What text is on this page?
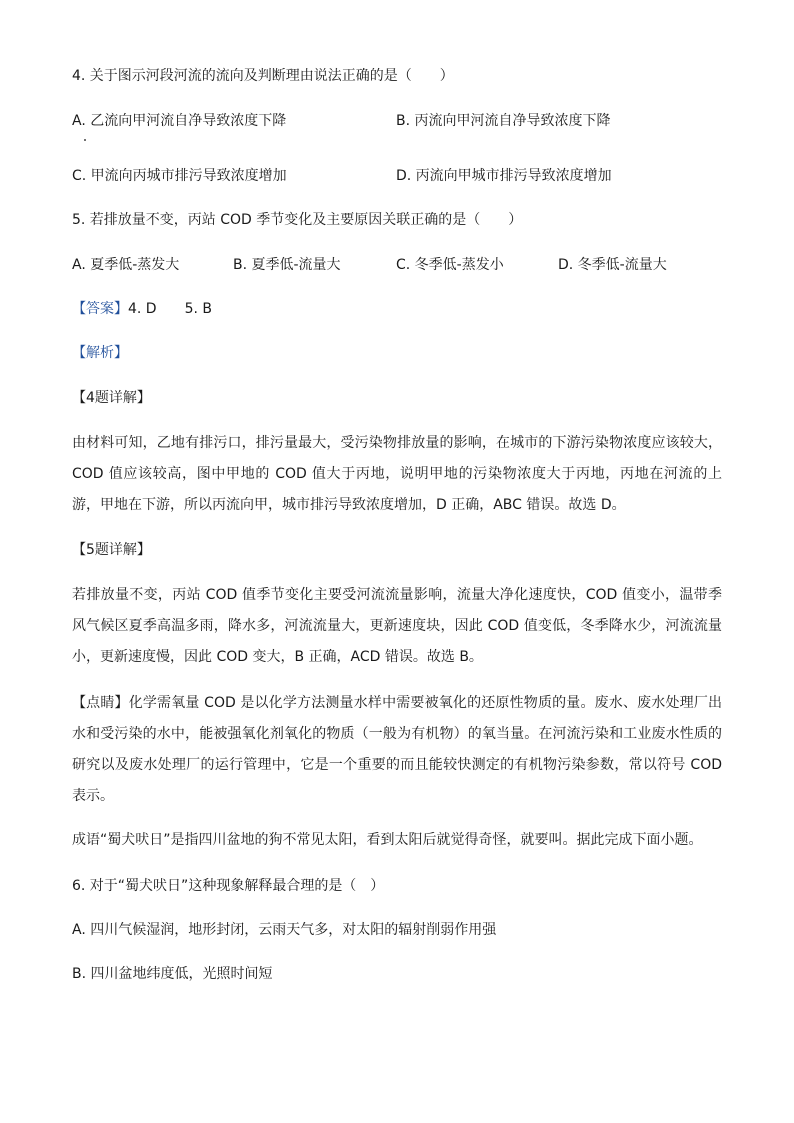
4. 关于图示河段河流的流向及判断理由说法正确的是（　　）
A. 乙流向甲河流自净导致浓度下降	B. 丙流向甲河流自净导致浓度下降
C. 甲流向丙城市排污导致浓度增加	D. 丙流向甲城市排污导致浓度增加
5. 若排放量不变，丙站 COD 季节变化及主要原因关联正确的是（　　）
A. 夏季低-蒸发大	B. 夏季低-流量大	C. 冬季低-蒸发小	D. 冬季低-流量大
【答案】4. D　　5. B
【解析】
【4题详解】
由材料可知，乙地有排污口，排污量最大，受污染物排放量的影响，在城市的下游污染物浓度应该较大，COD 值应该较高，图中甲地的 COD 值大于丙地，说明甲地的污染物浓度大于丙地，丙地在河流的上游，甲地在下游，所以丙流向甲，城市排污导致浓度增加，D 正确，ABC 错误。故选 D。
【5题详解】
若排放量不变，丙站 COD 值季节变化主要受河流流量影响，流量大净化速度快，COD 值变小，温带季风气候区夏季高温多雨，降水多，河流流量大，更新速度块，因此 COD 值变低，冬季降水少，河流流量小，更新速度慢，因此 COD 变大，B 正确，ACD 错误。故选 B。
【点睛】化学需氧量 COD 是以化学方法测量水样中需要被氧化的还原性物质的量。废水、废水处理厂出水和受污染的水中，能被强氧化剂氧化的物质（一般为有机物）的氧当量。在河流污染和工业废水性质的研究以及废水处理厂的运行管理中，它是一个重要的而且能较快测定的有机物污染参数，常以符号 COD 表示。
成语“蜀犬吠日”是指四川盆地的狗不常见太阳，看到太阳后就觉得奇怪，就要叫。据此完成下面小题。
6. 对于“蜀犬吠日”这种现象解释最合理的是（　）
A. 四川气候湿润，地形封闭，云雨天气多，对太阳的辐射削弱作用强
B. 四川盆地纬度低，光照时间短
